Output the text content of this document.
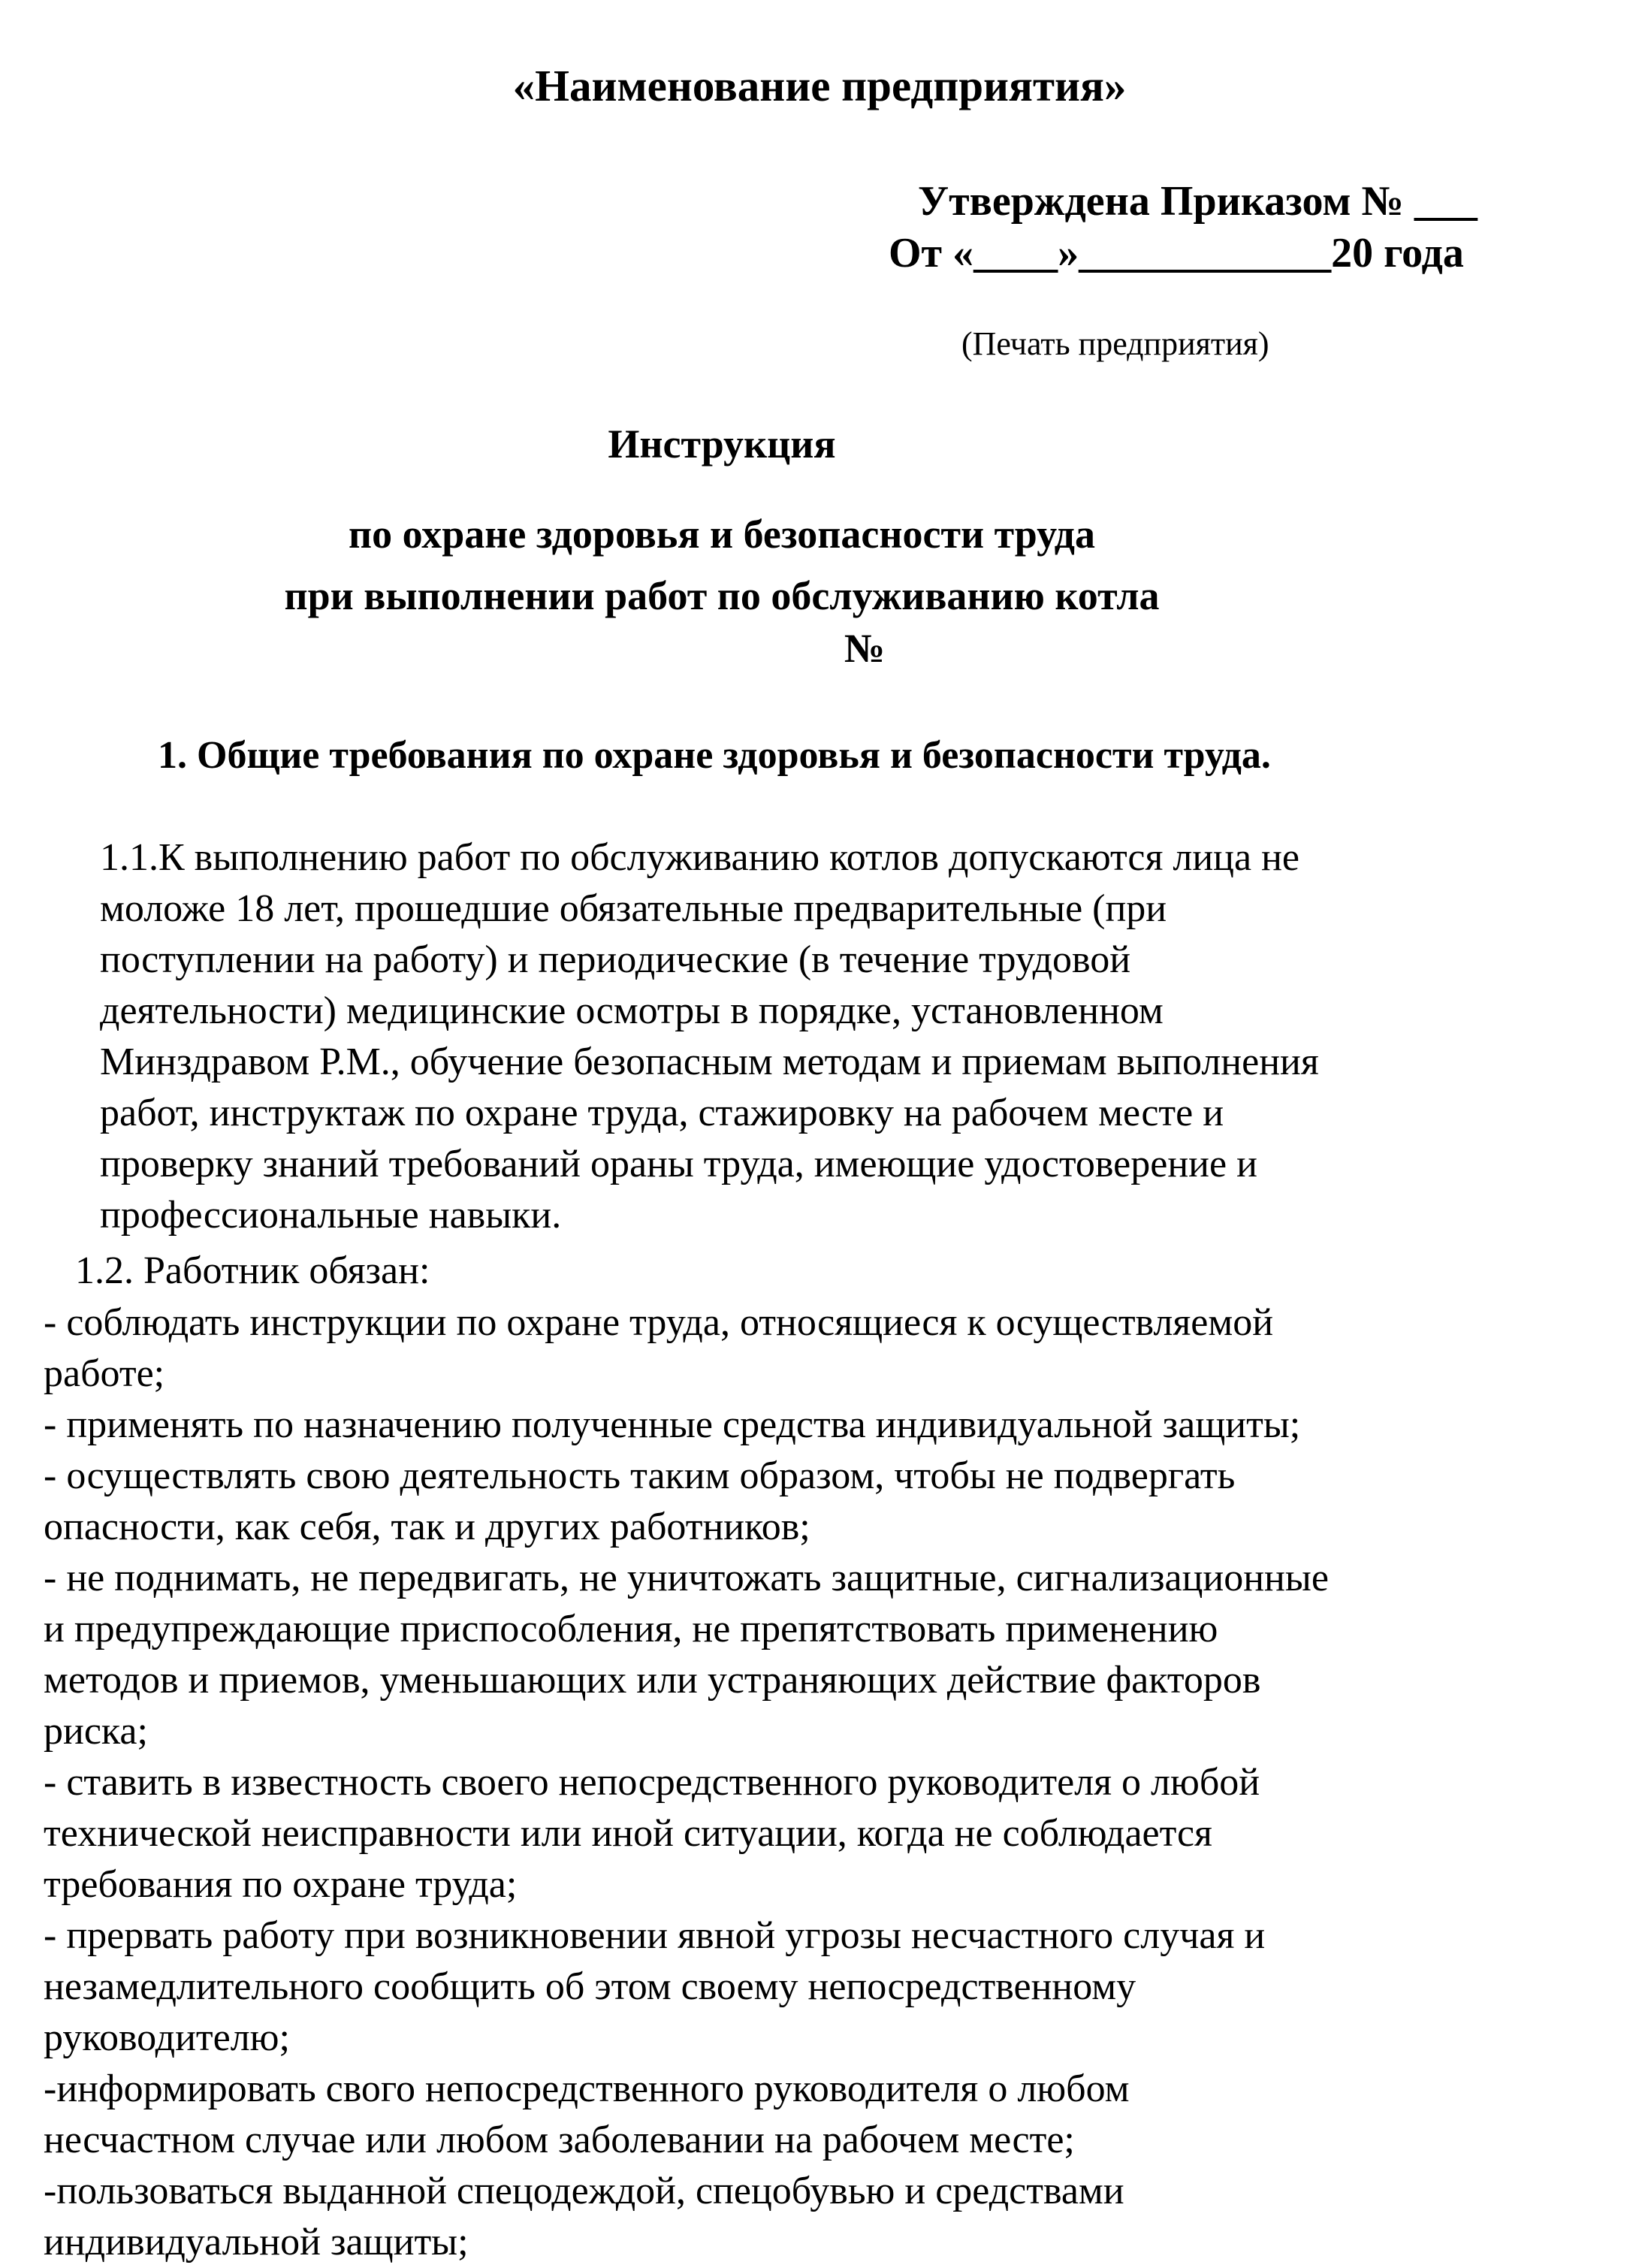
«Наименование предприятия»
Утверждена Приказом № ___
От «____»____________20 года
(Печать предприятия)
Инструкция
по охране здоровья и безопасности труда
при выполнении работ по обслуживанию котла
№
1. Общие требования по охране здоровья и безопасности труда.
1.1.К выполнению работ по обслуживанию котлов допускаются лица не
моложе 18 лет, прошедшие обязательные предварительные (при
поступлении на работу) и периодические (в течение трудовой
деятельности) медицинские осмотры в порядке, установленном
Минздравом Р.М., обучение безопасным методам и приемам выполнения
работ, инструктаж по охране труда, стажировку на рабочем месте и
проверку знаний требований ораны труда, имеющие удостоверение и
профессиональные навыки.
1.2. Работник обязан:
- соблюдать инструкции по охране труда, относящиеся к осуществляемой
работе;
- применять по назначению полученные средства индивидуальной защиты;
- осуществлять свою деятельность таким образом, чтобы не подвергать
опасности, как себя, так и других работников;
- не поднимать, не передвигать, не уничтожать защитные, сигнализационные
и предупреждающие приспособления, не препятствовать применению
методов и приемов, уменьшающих или устраняющих действие факторов
риска;
- ставить в известность своего непосредственного руководителя о любой
технической неисправности или иной ситуации, когда не соблюдается
требования по охране труда;
- прервать работу при возникновении явной угрозы несчастного случая и
незамедлительного сообщить об этом своему непосредственному
руководителю;
-информировать свого непосредственного руководителя о любом
несчастном случае или любом заболевании на рабочем месте;
-пользоваться выданной спецодеждой, спецобувью и средствами
индивидуальной защиты;
